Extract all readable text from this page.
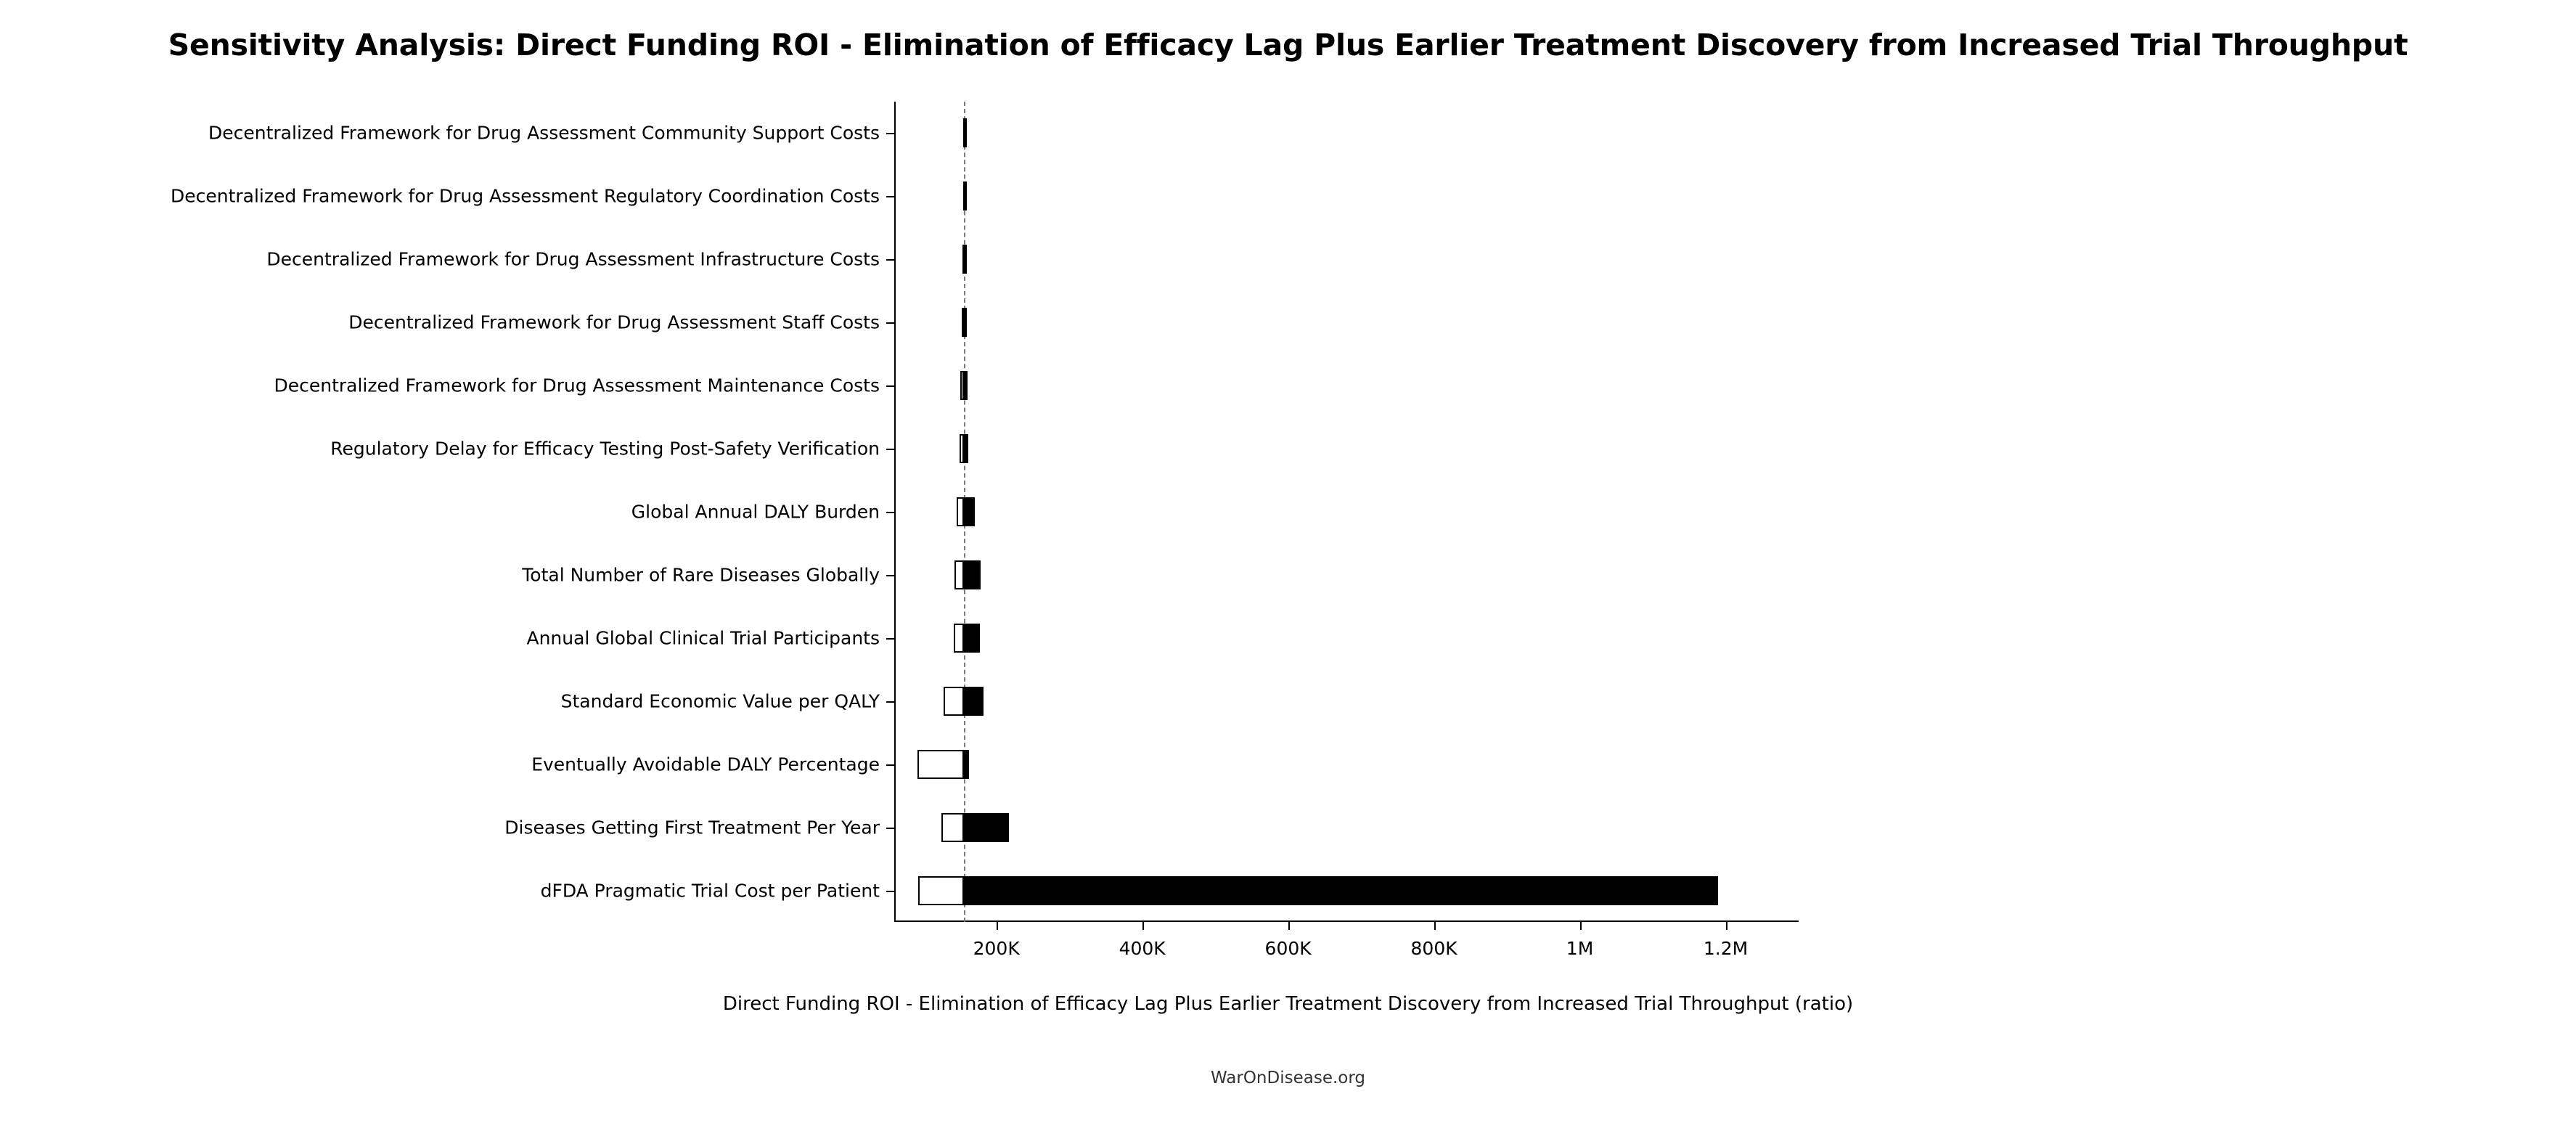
Sensitivity Analysis: Direct Funding ROI - Elimination of Efficacy Lag Plus Earlier Treatment Discovery from Increased Trial Throughput
Decentralized Framework for Drug Assessment Community Support Costs
Decentralized Framework for Drug Assessment Regulatory Coordination Costs
Decentralized Framework for Drug Assessment Infrastructure Costs
Decentralized Framework for Drug Assessment Staff Costs
Decentralized Framework for Drug Assessment Maintenance Costs
Regulatory Delay for Efficacy Testing Post-Safety Verification
Global Annual DALY Burden
Total Number of Rare Diseases Globally
Annual Global Clinical Trial Participants
Standard Economic Value per QALY
Eventually Avoidable DALY Percentage
Diseases Getting First Treatment Per Year
dFDA Pragmatic Trial Cost per Patient
200K	400K	600K	800K	1M	1.2M
Direct Funding ROI - Elimination of Efficacy Lag Plus Earlier Treatment Discovery from Increased Trial Throughput (ratio)
WarOnDisease.org
